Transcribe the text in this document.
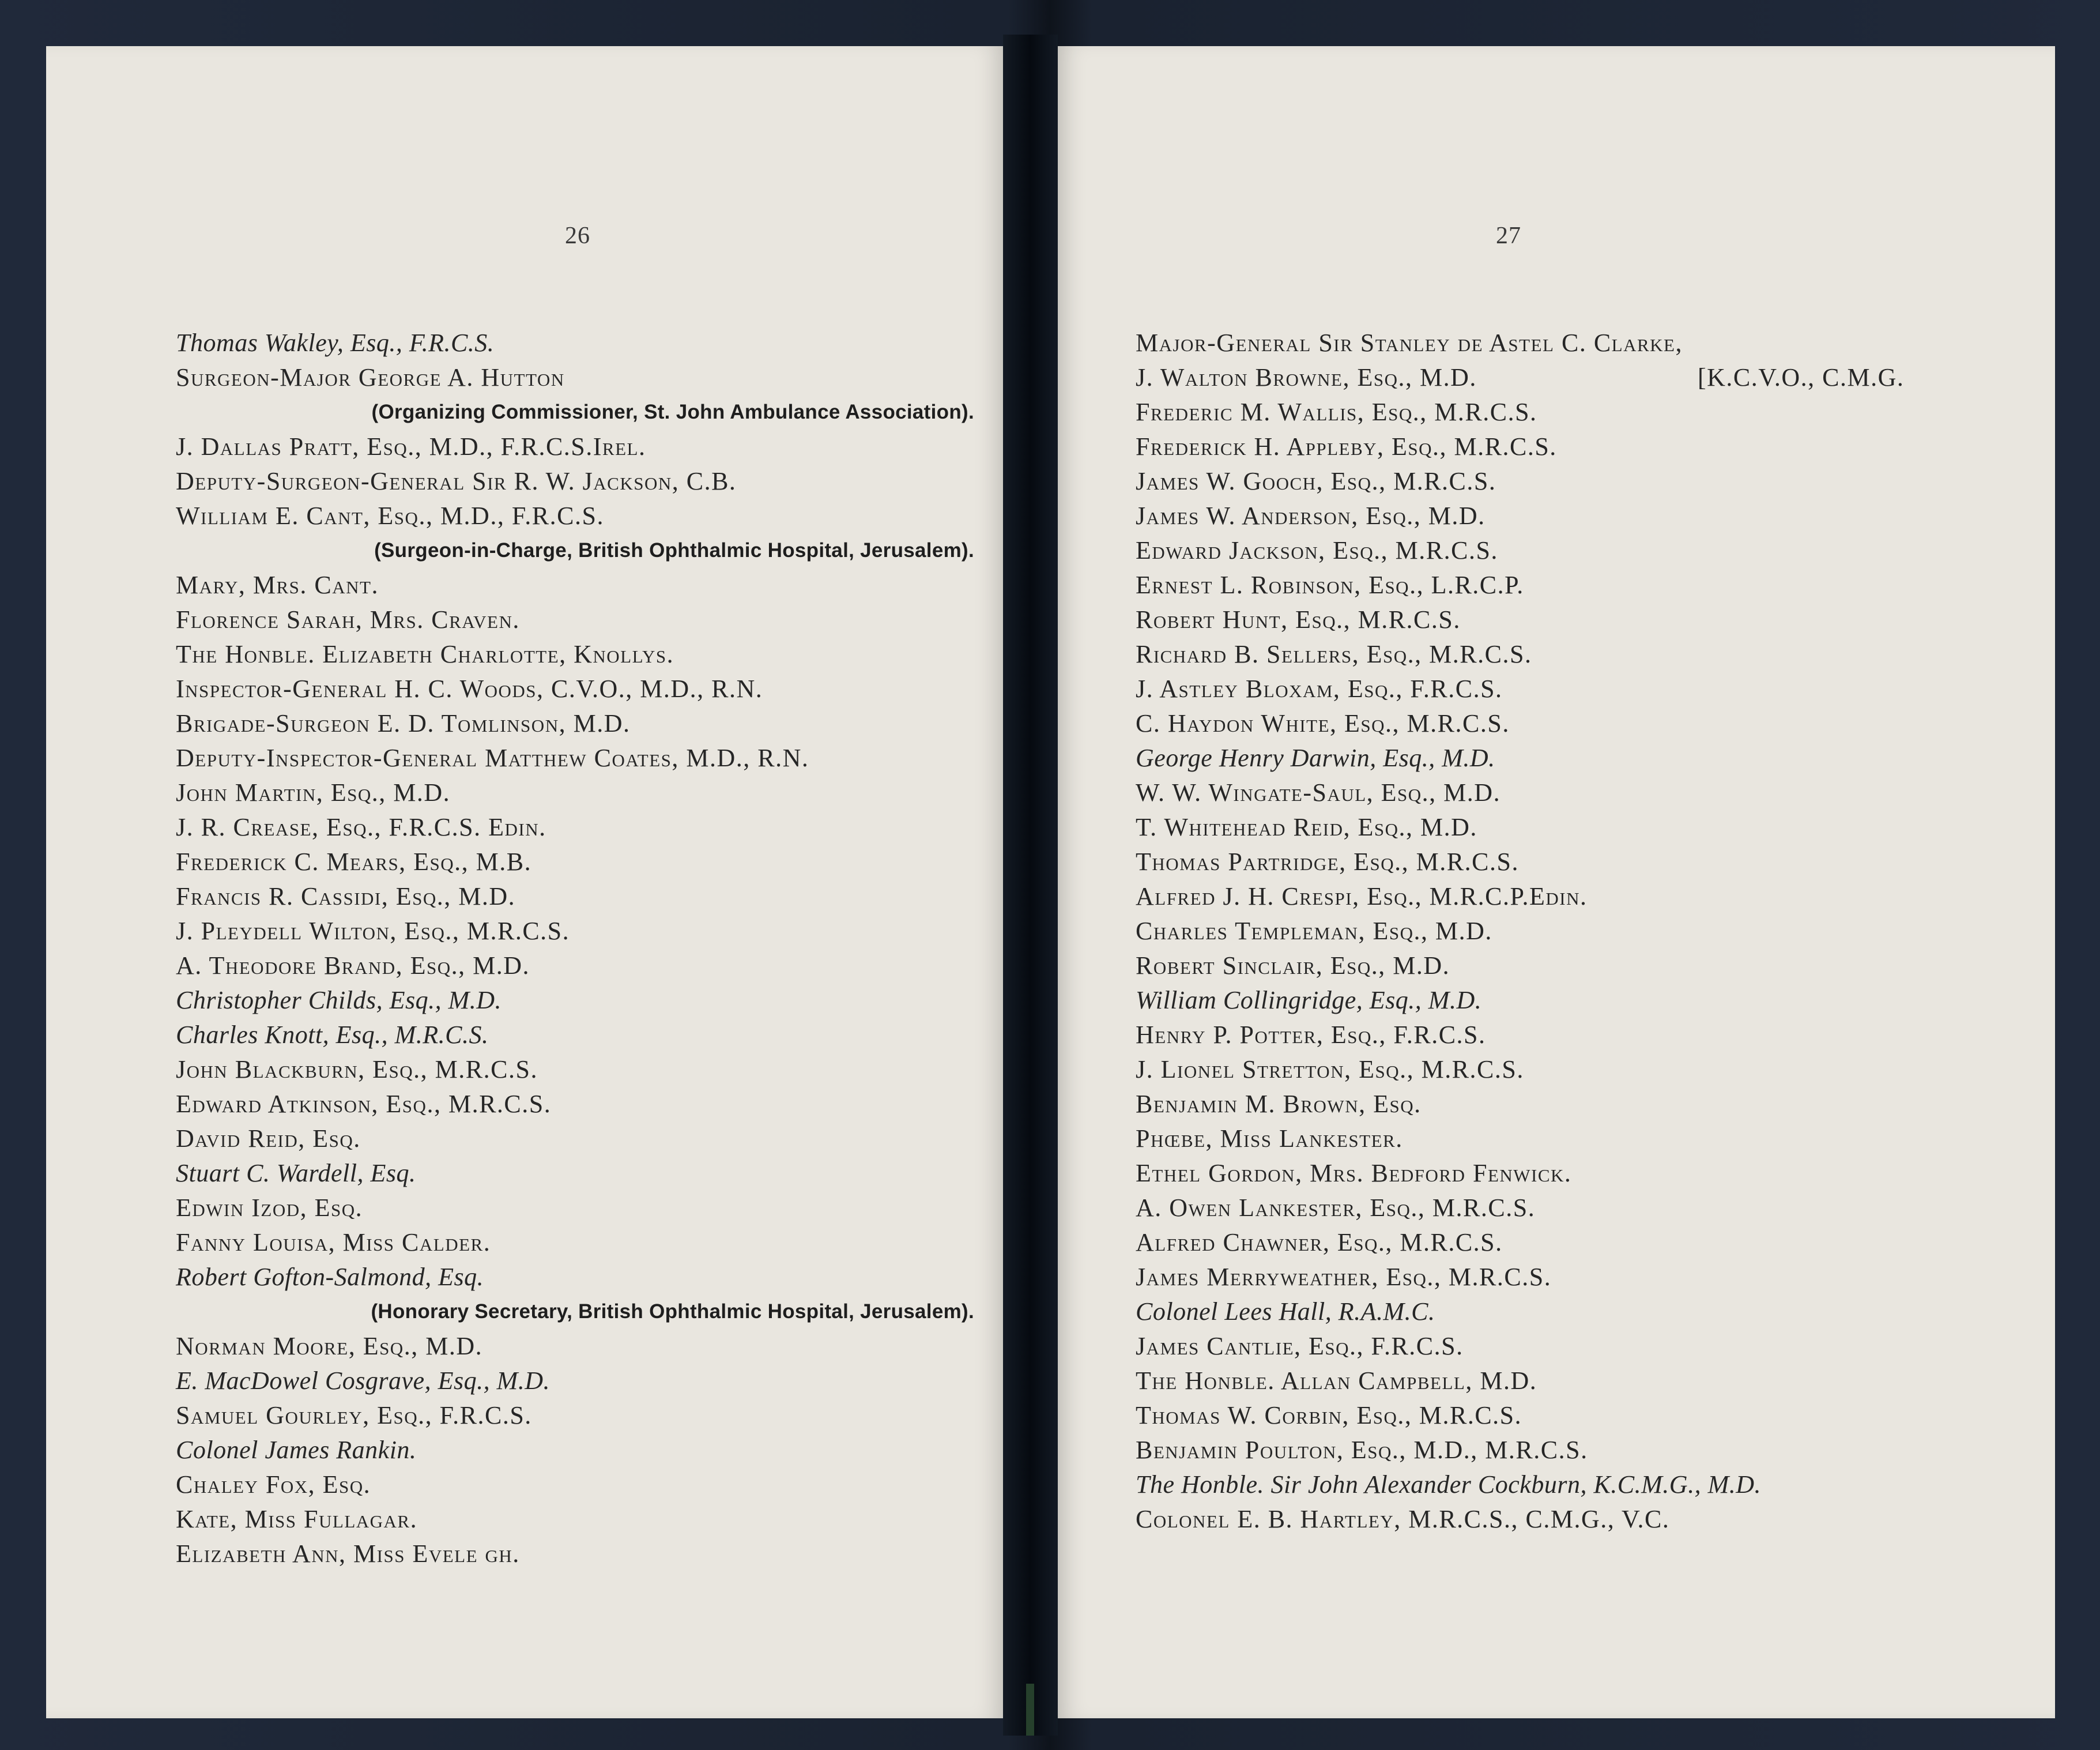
26
Thomas Wakley, Esq., F.R.C.S.
Surgeon-Major George A. Hutton
(Organizing Commissioner, St. John Ambulance Association).
J. Dallas Pratt, Esq., M.D., F.R.C.S.Irel.
Deputy-Surgeon-General Sir R. W. Jackson, C.B.
William E. Cant, Esq., M.D., F.R.C.S.
(Surgeon-in-Charge, British Ophthalmic Hospital, Jerusalem).
Mary, Mrs. Cant.
Florence Sarah, Mrs. Craven.
The Honble. Elizabeth Charlotte, Knollys.
Inspector-General H. C. Woods, C.V.O., M.D., R.N.
Brigade-Surgeon E. D. Tomlinson, M.D.
Deputy-Inspector-General Matthew Coates, M.D., R.N.
John Martin, Esq., M.D.
J. R. Crease, Esq., F.R.C.S. Edin.
Frederick C. Mears, Esq., M.B.
Francis R. Cassidi, Esq., M.D.
J. Pleydell Wilton, Esq., M.R.C.S.
A. Theodore Brand, Esq., M.D.
Christopher Childs, Esq., M.D.
Charles Knott, Esq., M.R.C.S.
John Blackburn, Esq., M.R.C.S.
Edward Atkinson, Esq., M.R.C.S.
David Reid, Esq.
Stuart C. Wardell, Esq.
Edwin Izod, Esq.
Fanny Louisa, Miss Calder.
Robert Gofton-Salmond, Esq.
(Honorary Secretary, British Ophthalmic Hospital, Jerusalem).
Norman Moore, Esq., M.D.
E. MacDowel Cosgrave, Esq., M.D.
Samuel Gourley, Esq., F.R.C.S.
Colonel James Rankin.
Chaley Fox, Esq.
Kate, Miss Fullagar.
Elizabeth Ann, Miss Evele gh.
27
Major-General Sir Stanley de Astel C. Clarke,
J. Walton Browne, Esq., M.D.	[K.C.V.O., C.M.G.
Frederic M. Wallis, Esq., M.R.C.S.
Frederick H. Appleby, Esq., M.R.C.S.
James W. Gooch, Esq., M.R.C.S.
James W. Anderson, Esq., M.D.
Edward Jackson, Esq., M.R.C.S.
Ernest L. Robinson, Esq., L.R.C.P.
Robert Hunt, Esq., M.R.C.S.
Richard B. Sellers, Esq., M.R.C.S.
J. Astley Bloxam, Esq., F.R.C.S.
C. Haydon White, Esq., M.R.C.S.
George Henry Darwin, Esq., M.D.
W. W. Wingate-Saul, Esq., M.D.
T. Whitehead Reid, Esq., M.D.
Thomas Partridge, Esq., M.R.C.S.
Alfred J. H. Crespi, Esq., M.R.C.P.Edin.
Charles Templeman, Esq., M.D.
Robert Sinclair, Esq., M.D.
William Collingridge, Esq., M.D.
Henry P. Potter, Esq., F.R.C.S.
J. Lionel Stretton, Esq., M.R.C.S.
Benjamin M. Brown, Esq.
Phœbe, Miss Lankester.
Ethel Gordon, Mrs. Bedford Fenwick.
A. Owen Lankester, Esq., M.R.C.S.
Alfred Chawner, Esq., M.R.C.S.
James Merryweather, Esq., M.R.C.S.
Colonel Lees Hall, R.A.M.C.
James Cantlie, Esq., F.R.C.S.
The Honble. Allan Campbell, M.D.
Thomas W. Corbin, Esq., M.R.C.S.
Benjamin Poulton, Esq., M.D., M.R.C.S.
The Honble. Sir John Alexander Cockburn, K.C.M.G., M.D.
Colonel E. B. Hartley, M.R.C.S., C.M.G., V.C.
